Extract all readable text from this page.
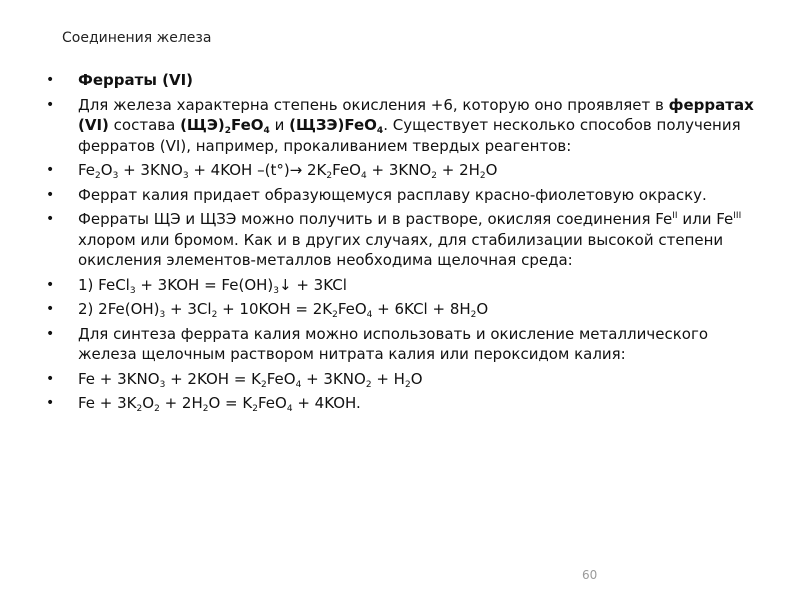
Соединения железа
• Ферраты (VI)
• Для железа характерна степень окисления +6, которую оно проявляет в ферратах (VI) состава $(ЩЭ)_2FeO_4$ и (ЩЗЭ)FeO$_4$. Существует несколько способов получения ферратов (VI), например, прокаливанием твердых реагентов:
• $Fe_2O_3 + 3KNO_3 + 4KOH$ $-(t^\circ)\to 2K_2FeO_4 + 3KNO_2 + 2H_2O$
• Феррат калия придает образующемуся расплаву красно-фиолетовую окраску.
• Ферраты ЩЭ и ЩЗЭ можно получить и в растворе, окисляя соединения $Fe^{II}$ или $Fe^{III}$ хлором или бромом. Как и в других случаях, для стабилизации высокой степени окисления элементов-металлов необходима щелочная среда:
• 1) FeCl$_3$ + $3KOH = Fe(OH)_3↓ + 3KCl$
• 2) $2Fe(OH)_3 + 3Cl_2 + 10KOH = 2K_2FeO_4 + 6KCl + 8H_2O$
• Для синтеза феррата калия можно использовать и окисление металлического железа щелочным раствором нитрата калия или пероксидом калия:
• $Fe + 3KNO_3 + 2KOH = K_2FeO_4 + 3KNO_2 + H_2O$
• $Fe + 3K_2O_2 + 2H_2O = K_2FeO_4 + 4KOH$.
60
